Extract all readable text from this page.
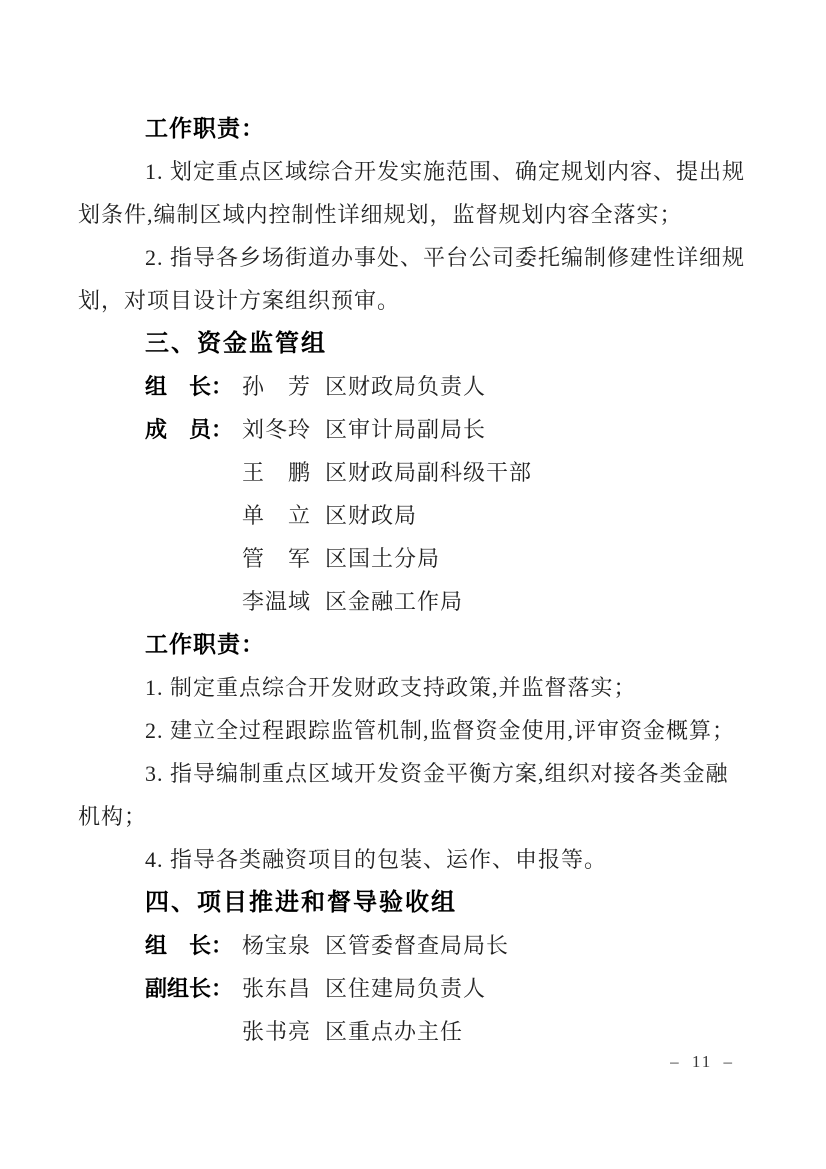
工作职责：
1. 划定重点区域综合开发实施范围、确定规划内容、提出规
划条件,编制区域内控制性详细规划，监督规划内容全落实；
2. 指导各乡场街道办事处、平台公司委托编制修建性详细规
划，对项目设计方案组织预审。
三、资金监管组
组　长： 孙　芳 区财政局负责人
成　员： 刘冬玲 区审计局副局长
王　鹏 区财政局副科级干部
单　立 区财政局
管　军 区国土分局
李温域 区金融工作局
工作职责：
1. 制定重点综合开发财政支持政策,并监督落实；
2. 建立全过程跟踪监管机制,监督资金使用,评审资金概算；
3. 指导编制重点区域开发资金平衡方案,组织对接各类金融
机构；
4. 指导各类融资项目的包装、运作、申报等。
四、项目推进和督导验收组
组　长： 杨宝泉 区管委督查局局长
副组长： 张东昌 区住建局负责人
张书亮 区重点办主任
– 11 –
